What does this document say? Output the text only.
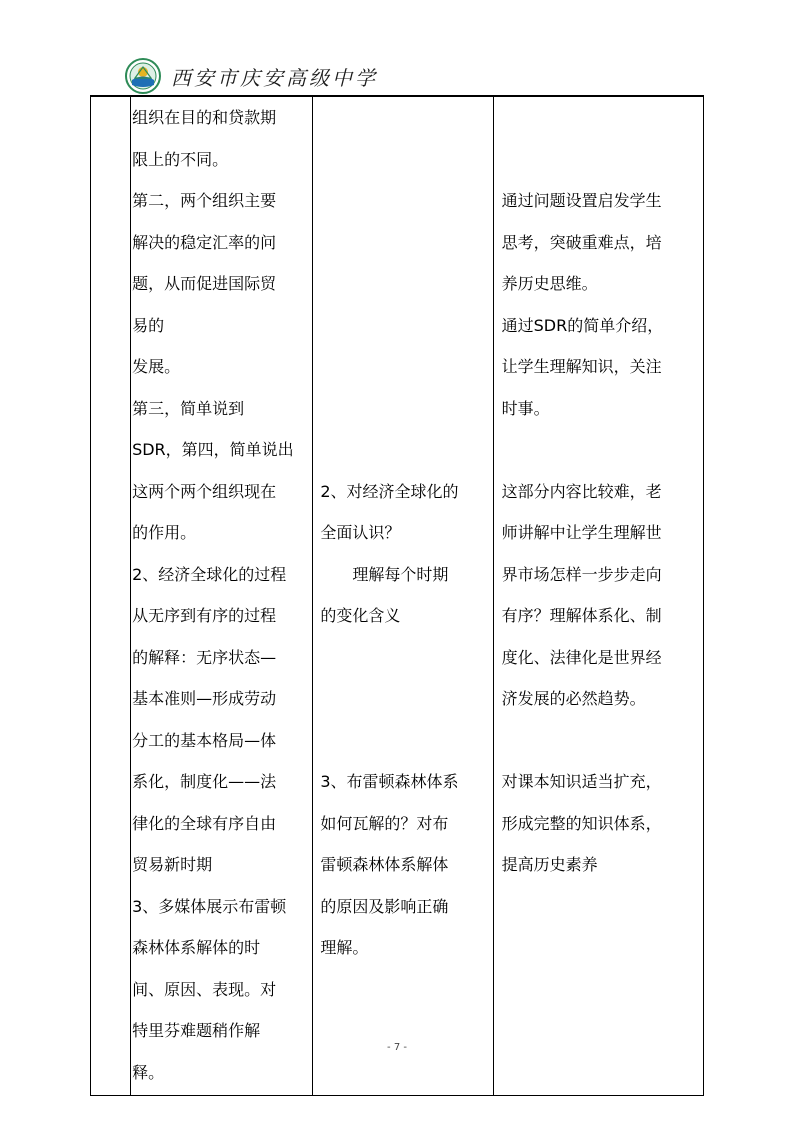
西安市庆安高级中学

组织在目的和贷款期
限上的不同。
第二，两个组织主要
解决的稳定汇率的问
题，从而促进国际贸
易的
发展。
第三，简单说到
SDR，第四，简单说出
这两个两个组织现在
的作用。
2、经济全球化的过程
从无序到有序的过程
的解释：无序状态—
基本准则—形成劳动
分工的基本格局—体
系化，制度化——法
律化的全球有序自由
贸易新时期
3、多媒体展示布雷顿
森林体系解体的时
间、原因、表现。对
特里芬难题稍作解
释。

2、对经济全球化的
全面认识？
理解每个时期
的变化含义

3、布雷顿森林体系
如何瓦解的？对布
雷顿森林体系解体
的原因及影响正确
理解。

通过问题设置启发学生
思考，突破重难点，培
养历史思维。
通过SDR的简单介绍，
让学生理解知识，关注
时事。

这部分内容比较难，老
师讲解中让学生理解世
界市场怎样一步步走向
有序？理解体系化、制
度化、法律化是世界经
济发展的必然趋势。

对课本知识适当扩充，
形成完整的知识体系，
提高历史素养
- 7 -
